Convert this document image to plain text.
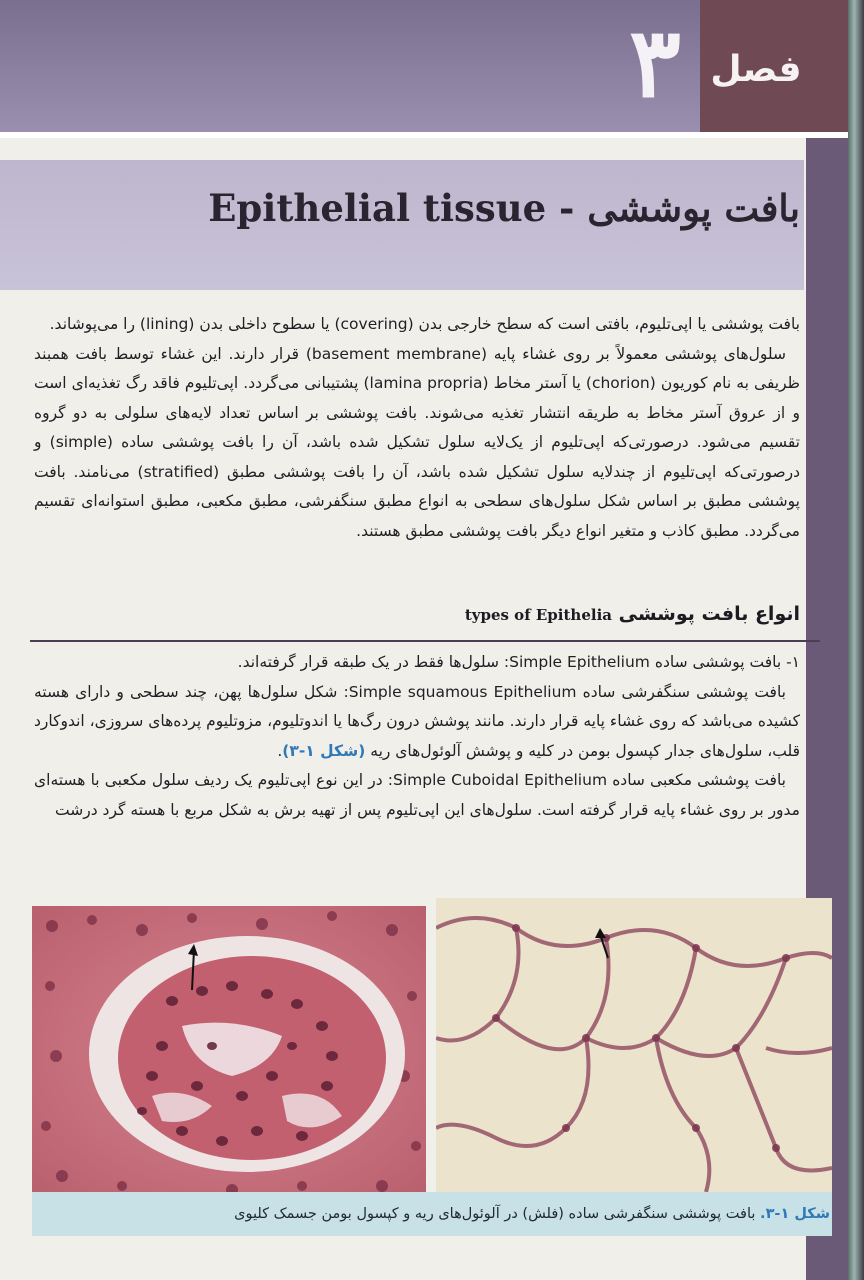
۳ فصل
بافت پوششی - Epithelial tissue

بافت پوششی یا اپی‌تلیوم، بافتی است که سطح خارجی بدن (covering) یا سطوح داخلی بدن (lining) را می‌پوشاند.

سلول‌های پوششی معمولاً بر روی غشاء پایه (basement membrane) قرار دارند. این غشاء توسط بافت همبند ظریفی به نام کوریون (chorion) یا آستر مخاط (lamina propria) پشتیبانی می‌گردد. اپی‌تلیوم فاقد رگ تغذیه‌ای است و از عروق آستر مخاط به طریقه انتشار تغذیه می‌شوند. بافت پوششی بر اساس تعداد لایه‌های سلولی به دو گروه تقسیم می‌شود. درصورتی‌که اپی‌تلیوم از یک‌لایه سلول تشکیل شده باشد، آن را بافت پوششی ساده (simple) و درصورتی‌که اپی‌تلیوم از چندلایه سلول تشکیل شده باشد، آن را بافت پوششی مطبق (stratified) می‌نامند. بافت پوششی مطبق بر اساس شکل سلول‌های سطحی به انواع مطبق سنگفرشی، مطبق مکعبی، مطبق استوانه‌ای تقسیم می‌گردد. مطبق کاذب و متغیر انواع دیگر بافت پوششی مطبق هستند.

انواع بافت پوششی types of Epithelia

۱- بافت پوششی ساده Simple Epithelium: سلول‌ها فقط در یک طبقه قرار گرفته‌اند.

بافت پوششی سنگفرشی ساده Simple squamous Epithelium: شکل سلول‌ها پهن، چند سطحی و دارای هسته کشیده می‌باشد که روی غشاء پایه قرار دارند. مانند پوشش درون رگ‌ها یا اندوتلیوم، مزوتلیوم پرده‌های سروزی، اندوکارد قلب، سلول‌های جدار کپسول بومن در کلیه و پوشش آلوئول‌های ریه (شکل ۱-۳).

بافت پوششی مکعبی ساده Simple Cuboidal Epithelium: در این نوع اپی‌تلیوم یک ردیف سلول مکعبی با هسته‌ای مدور بر روی غشاء پایه قرار گرفته است. سلول‌های این اپی‌تلیوم پس از تهیه برش به شکل مربع با هسته گرد درشت

شکل ۱-۳. بافت پوششی سنگفرشی ساده (فلش) در آلوئول‌های ریه و کپسول بومن جسمک کلیوی
